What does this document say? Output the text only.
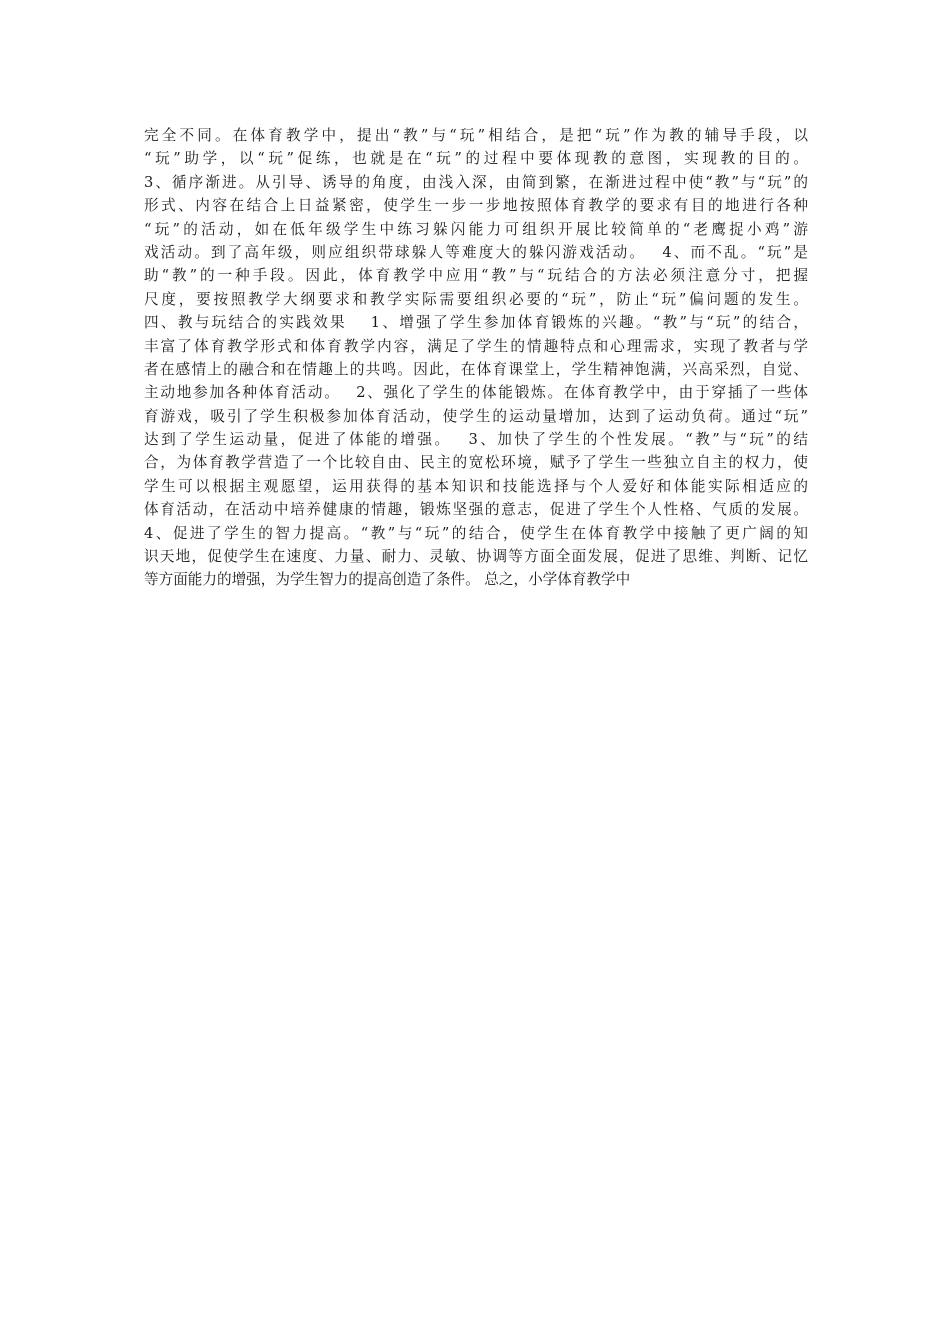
完全不同。在体育教学中，提出“教”与“玩”相结合，是把“玩”作为教的辅导手段，以
“玩”助学，以“玩”促练，也就是在“玩”的过程中要体现教的意图，实现教的目的。
3、循序渐进。从引导、诱导的角度，由浅入深，由简到繁，在渐进过程中使“教”与“玩”的
形式、内容在结合上日益紧密，使学生一步一步地按照体育教学的要求有目的地进行各种
“玩”的活动，如在低年级学生中练习躲闪能力可组织开展比较简单的“老鹰捉小鸡”游
戏活动。到了高年级，则应组织带球躲人等难度大的躲闪游戏活动。　 4、而不乱。“玩”是
助“教”的一种手段。因此，体育教学中应用“教”与“玩结合的方法必须注意分寸，把握
尺度，要按照教学大纲要求和教学实际需要组织必要的“玩”，防止“玩”偏问题的发生。
四、教与玩结合的实践效果　 1、增强了学生参加体育锻炼的兴趣。“教”与“玩”的结合，
丰富了体育教学形式和体育教学内容，满足了学生的情趣特点和心理需求，实现了教者与学
者在感情上的融合和在情趣上的共鸣。因此，在体育课堂上，学生精神饱满，兴高采烈，自觉、
主动地参加各种体育活动。　 2、强化了学生的体能锻炼。在体育教学中，由于穿插了一些体
育游戏，吸引了学生积极参加体育活动，使学生的运动量增加，达到了运动负荷。通过“玩”
达到了学生运动量，促进了体能的增强。　 3、加快了学生的个性发展。“教”与“玩”的结
合，为体育教学营造了一个比较自由、民主的宽松环境，赋予了学生一些独立自主的权力，使
学生可以根据主观愿望，运用获得的基本知识和技能选择与个人爱好和体能实际相适应的
体育活动，在活动中培养健康的情趣，锻炼坚强的意志，促进了学生个人性格、气质的发展。
4、促进了学生的智力提高。“教”与“玩”的结合，使学生在体育教学中接触了更广阔的知
识天地，促使学生在速度、力量、耐力、灵敏、协调等方面全面发展，促进了思维、判断、记忆
等方面能力的增强，为学生智力的提高创造了条件。 总之，小学体育教学中
